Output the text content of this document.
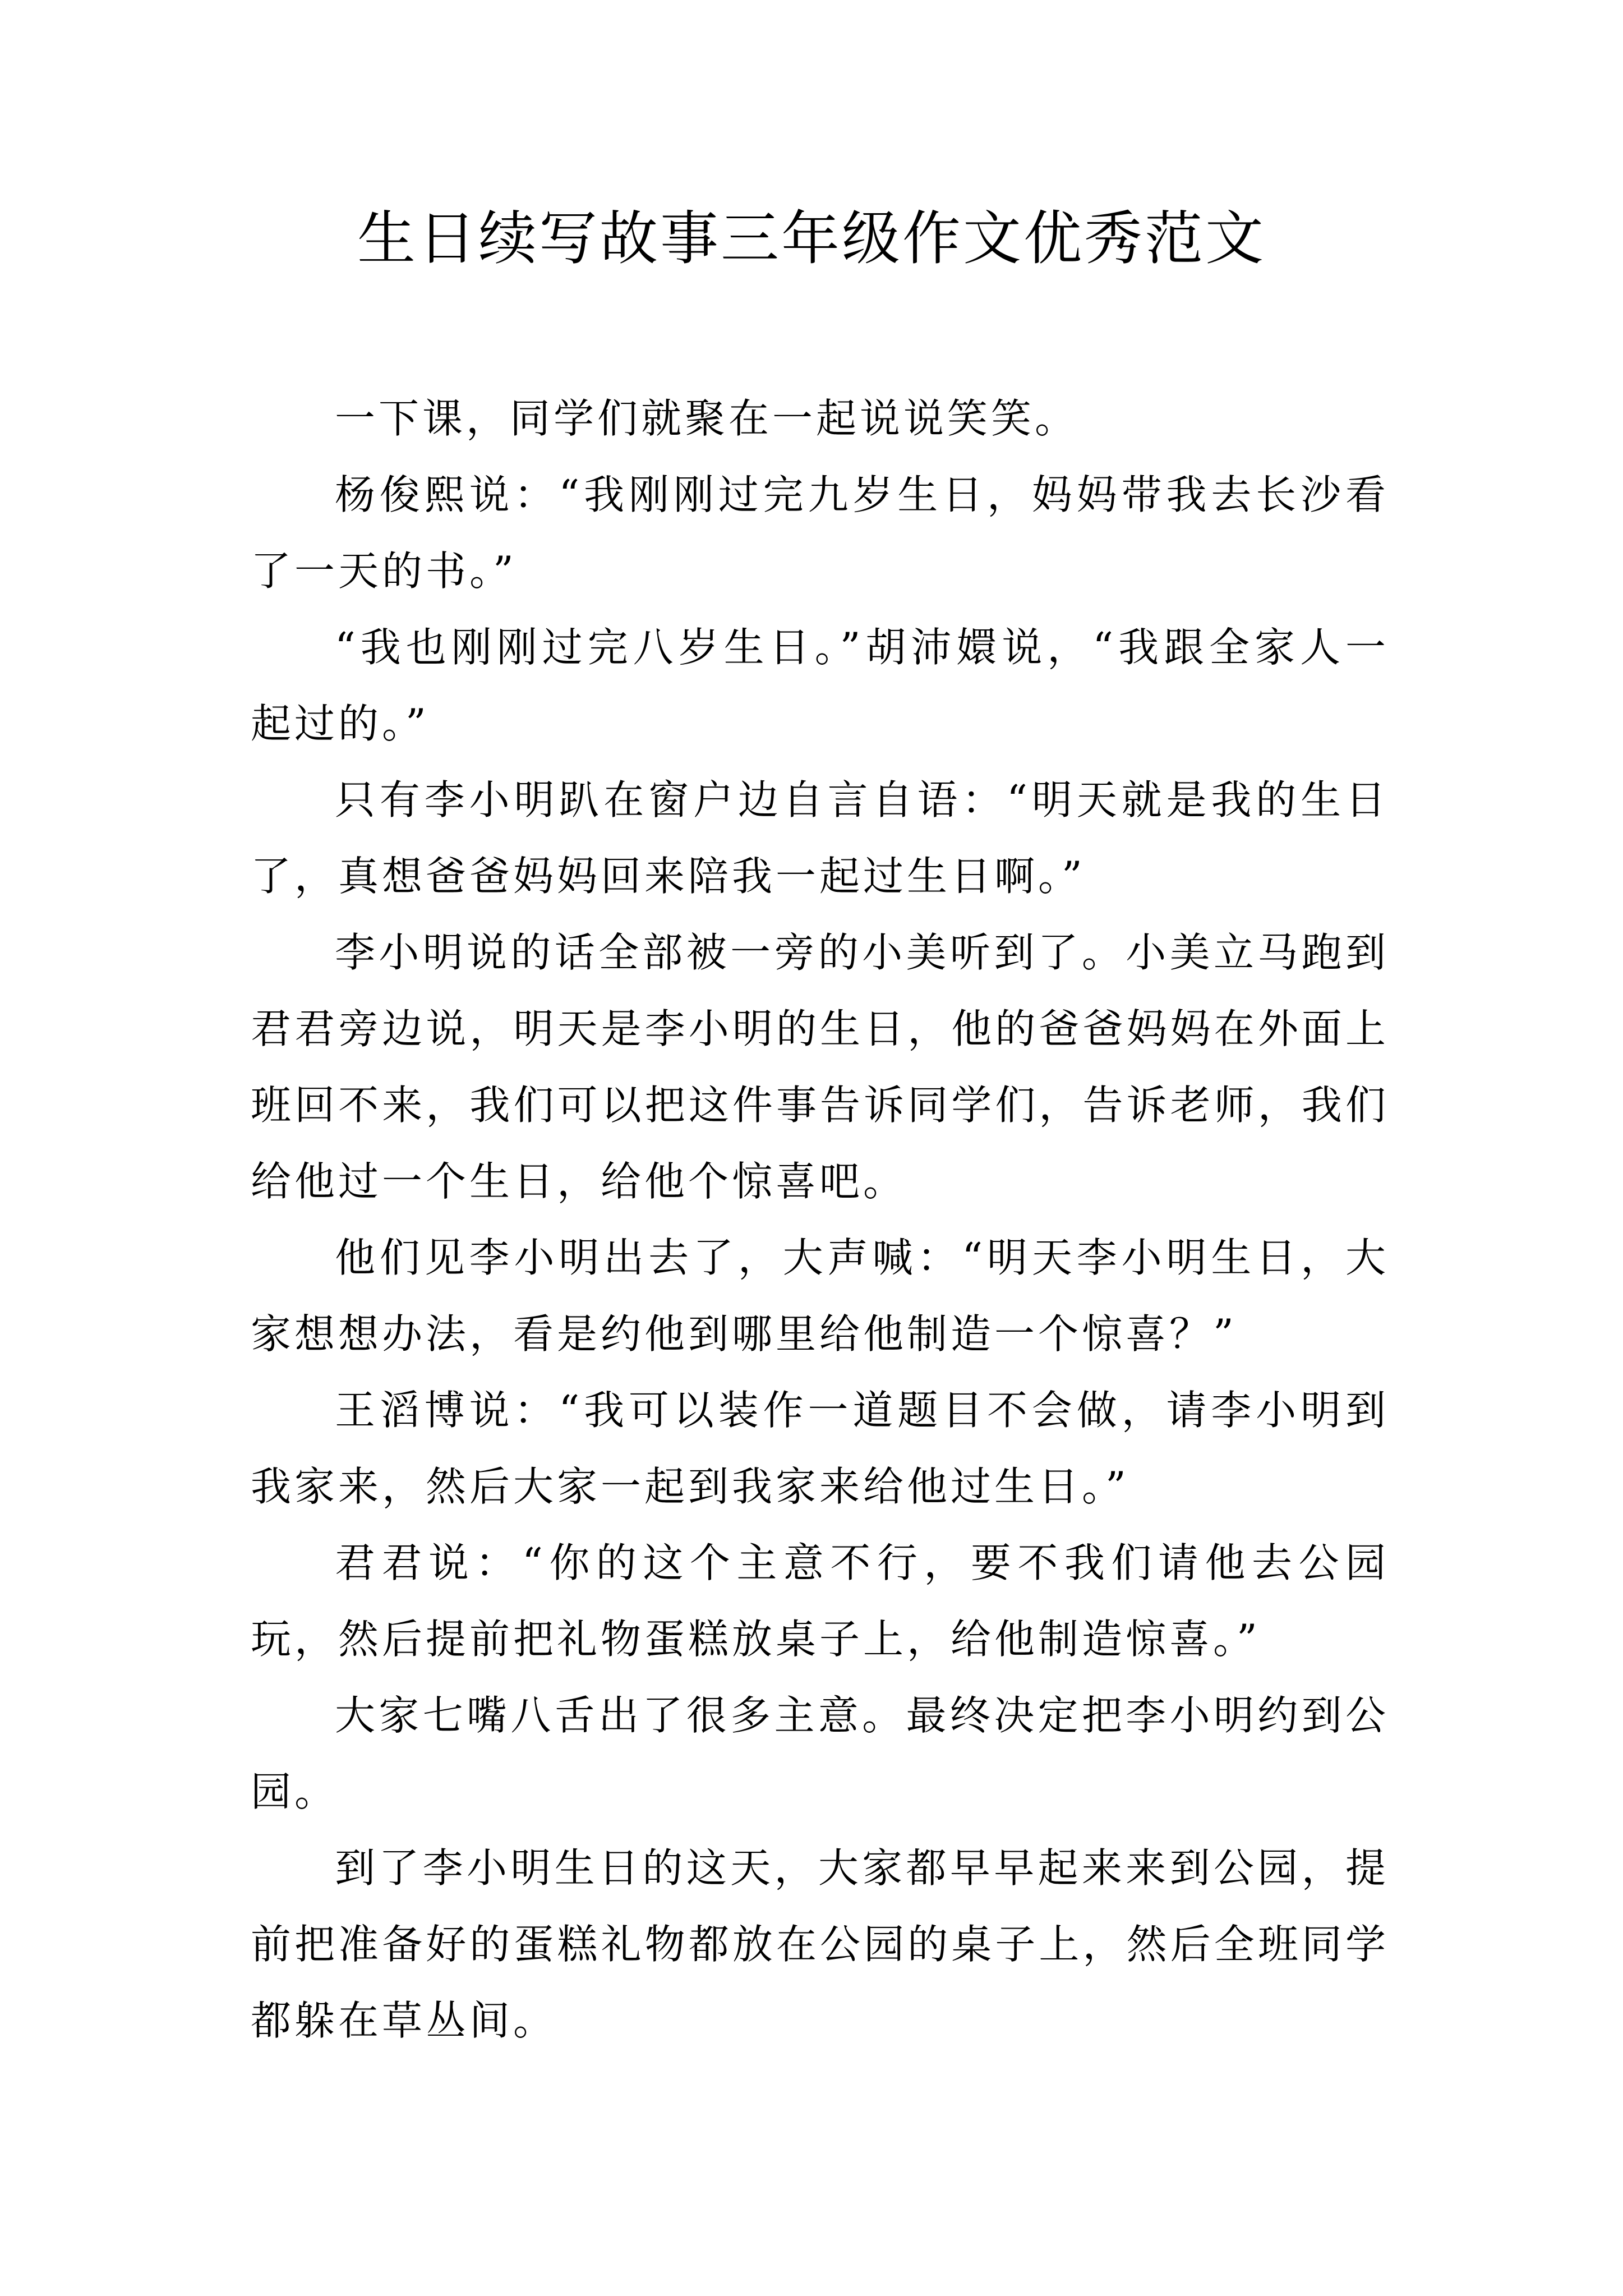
生日续写故事三年级作文优秀范文

一下课，同学们就聚在一起说说笑笑。

杨俊熙说：“我刚刚过完九岁生日，妈妈带我去长沙看了一天的书。”

“我也刚刚过完八岁生日。”胡沛嬛说，“我跟全家人一起过的。”

只有李小明趴在窗户边自言自语：“明天就是我的生日了，真想爸爸妈妈回来陪我一起过生日啊。”

李小明说的话全部被一旁的小美听到了。小美立马跑到君君旁边说，明天是李小明的生日，他的爸爸妈妈在外面上班回不来，我们可以把这件事告诉同学们，告诉老师，我们给他过一个生日，给他个惊喜吧。

他们见李小明出去了，大声喊：“明天李小明生日，大家想想办法，看是约他到哪里给他制造一个惊喜？”

王滔博说：“我可以装作一道题目不会做，请李小明到我家来，然后大家一起到我家来给他过生日。”

君君说：“你的这个主意不行，要不我们请他去公园玩，然后提前把礼物蛋糕放桌子上，给他制造惊喜。”

大家七嘴八舌出了很多主意。最终决定把李小明约到公园。

到了李小明生日的这天，大家都早早起来来到公园，提前把准备好的蛋糕礼物都放在公园的桌子上，然后全班同学都躲在草丛间。
